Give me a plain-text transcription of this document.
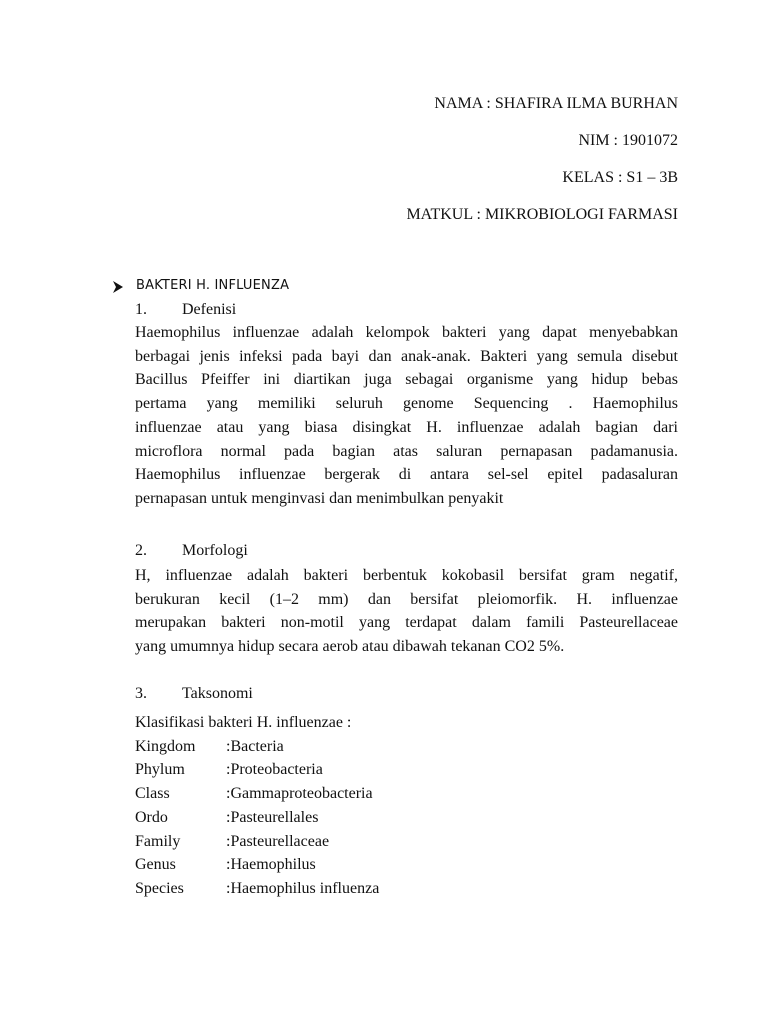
NAMA : SHAFIRA ILMA BURHAN
NIM : 1901072
KELAS : S1 – 3B
MATKUL : MIKROBIOLOGI FARMASI
BAKTERI H. INFLUENZA
1.	Defenisi
Haemophilus influenzae adalah kelompok bakteri yang dapat menyebabkan
berbagai jenis infeksi pada bayi dan anak-anak. Bakteri yang semula disebut
Bacillus Pfeiffer ini diartikan juga sebagai organisme yang hidup bebas
pertama yang memiliki seluruh genome Sequencing . Haemophilus
influenzae atau yang biasa disingkat H. influenzae adalah bagian dari
microflora normal pada bagian atas saluran pernapasan padamanusia.
Haemophilus influenzae bergerak di antara sel-sel epitel padasaluran
pernapasan untuk menginvasi dan menimbulkan penyakit
2.	Morfologi
H, influenzae adalah bakteri berbentuk kokobasil bersifat gram negatif,
berukuran kecil (1–2 mm) dan bersifat pleiomorfik. H. influenzae
merupakan bakteri non-motil yang terdapat dalam famili Pasteurellaceae
yang umumnya hidup secara aerob atau dibawah tekanan CO2 5%.
3.	Taksonomi
Klasifikasi bakteri H. influenzae :
Kingdom	:Bacteria
Phylum	:Proteobacteria
Class	:Gammaproteobacteria
Ordo	:Pasteurellales
Family	:Pasteurellaceae
Genus	:Haemophilus
Species	:Haemophilus influenza
